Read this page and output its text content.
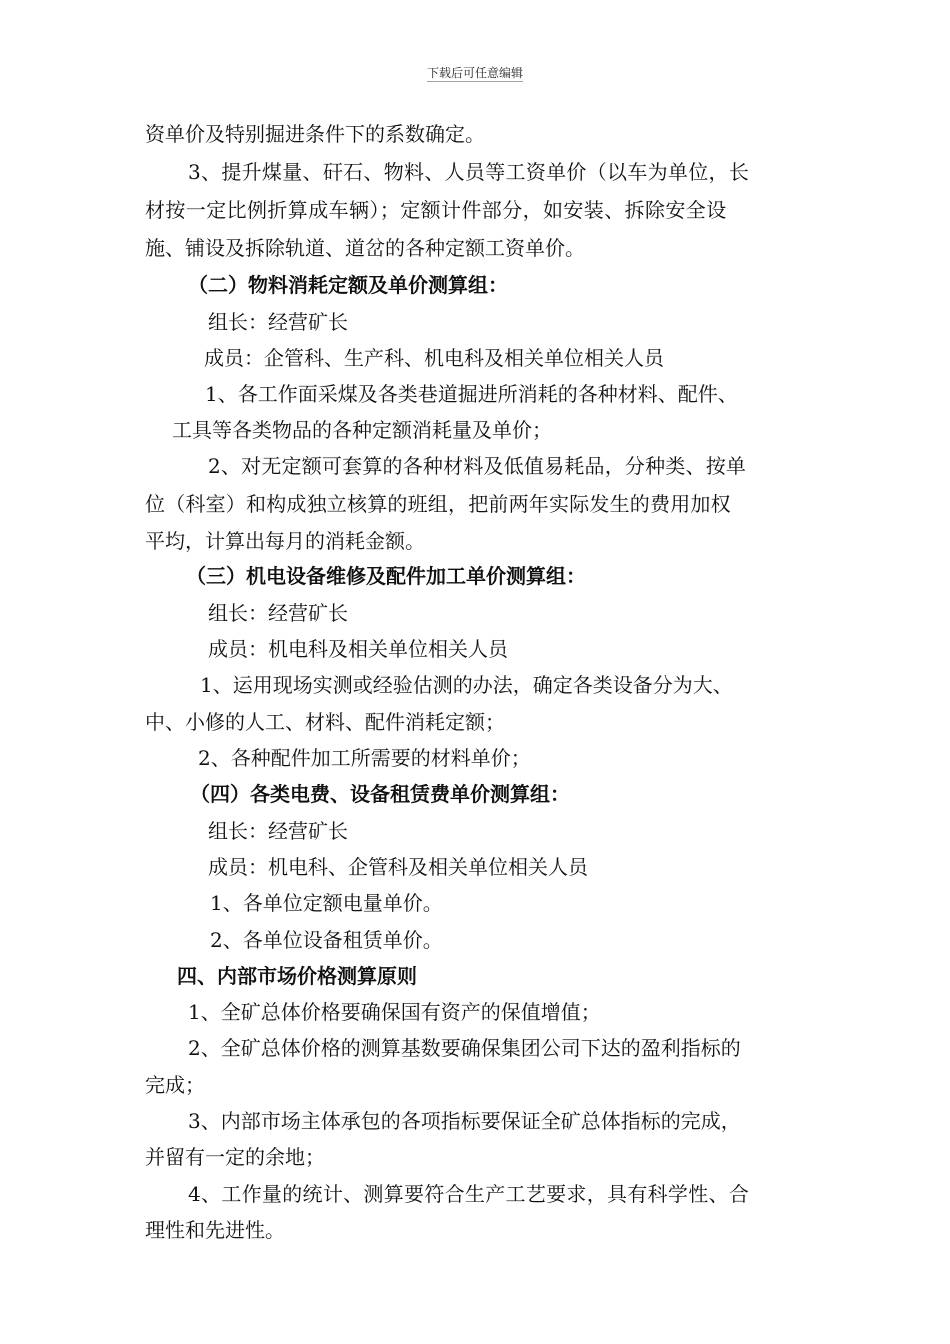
下载后可任意编辑
资单价及特别掘进条件下的系数确定。
3、提升煤量、矸石、物料、人员等工资单价（以车为单位，长
材按一定比例折算成车辆）；定额计件部分，如安装、拆除安全设
施、铺设及拆除轨道、道岔的各种定额工资单价。
（二）物料消耗定额及单价测算组：
组长：经营矿长
成员：企管科、生产科、机电科及相关单位相关人员
1、各工作面采煤及各类巷道掘进所消耗的各种材料、配件、
工具等各类物品的各种定额消耗量及单价；
2、对无定额可套算的各种材料及低值易耗品，分种类、按单
位（科室）和构成独立核算的班组，把前两年实际发生的费用加权
平均，计算出每月的消耗金额。
（三）机电设备维修及配件加工单价测算组：
组长：经营矿长
成员：机电科及相关单位相关人员
1、运用现场实测或经验估测的办法，确定各类设备分为大、
中、小修的人工、材料、配件消耗定额；
2、各种配件加工所需要的材料单价；
（四）各类电费、设备租赁费单价测算组：
组长：经营矿长
成员：机电科、企管科及相关单位相关人员
1、各单位定额电量单价。
2、各单位设备租赁单价。
四、内部市场价格测算原则
1、全矿总体价格要确保国有资产的保值增值；
2、全矿总体价格的测算基数要确保集团公司下达的盈利指标的
完成；
3、内部市场主体承包的各项指标要保证全矿总体指标的完成，
并留有一定的余地；
4、工作量的统计、测算要符合生产工艺要求，具有科学性、合
理性和先进性。
